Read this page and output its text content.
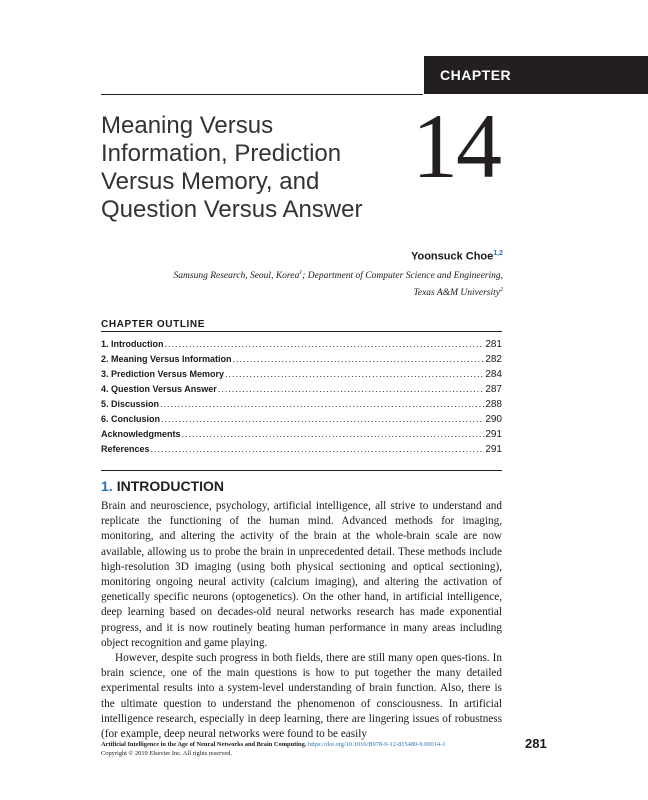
CHAPTER
Meaning Versus
Information, Prediction
Versus Memory, and
Question Versus Answer
14
Yoonsuck Choe$^{1,2}$
Samsung Research, Seoul, Korea$^1$; Department of Computer Science and Engineering,
Texas A&M University$^2$
CHAPTER OUTLINE
1. Introduction .....	281
2. Meaning Versus Information .....	282
3. Prediction Versus Memory .....	284
4. Question Versus Answer .....	287
5. Discussion .....	288
6. Conclusion .....	290
Acknowledgments .....	291
References .....	291
1. INTRODUCTION

Brain and neuroscience, psychology, artificial intelligence, all strive to understand and replicate the functioning of the human mind. Advanced methods for imaging, monitoring, and altering the activity of the brain at the whole-brain scale are now available, allowing us to probe the brain in unprecedented detail. These methods include high-resolution 3D imaging (using both physical sectioning and optical sectioning), monitoring ongoing neural activity (calcium imaging), and altering the activation of genetically specific neurons (optogenetics). On the other hand, in artificial intelligence, deep learning based on decades-old neural networks research has made exponential progress, and it is now routinely beating human performance in many areas including object recognition and game playing.

However, despite such progress in both fields, there are still many open ques-tions. In brain science, one of the main questions is how to put together the many detailed experimental results into a system-level understanding of brain function. Also, there is the ultimate question to understand the phenomenon of consciousness. In artificial intelligence research, especially in deep learning, there are lingering issues of robustness (for example, deep neural networks were found to be easily

Artificial Intelligence in the Age of Neural Networks and Brain Computing. https://doi.org/10.1016/B978-0-12-815480-9.00014-1
Copyright © 2019 Elsevier Inc. All rights reserved.
281
